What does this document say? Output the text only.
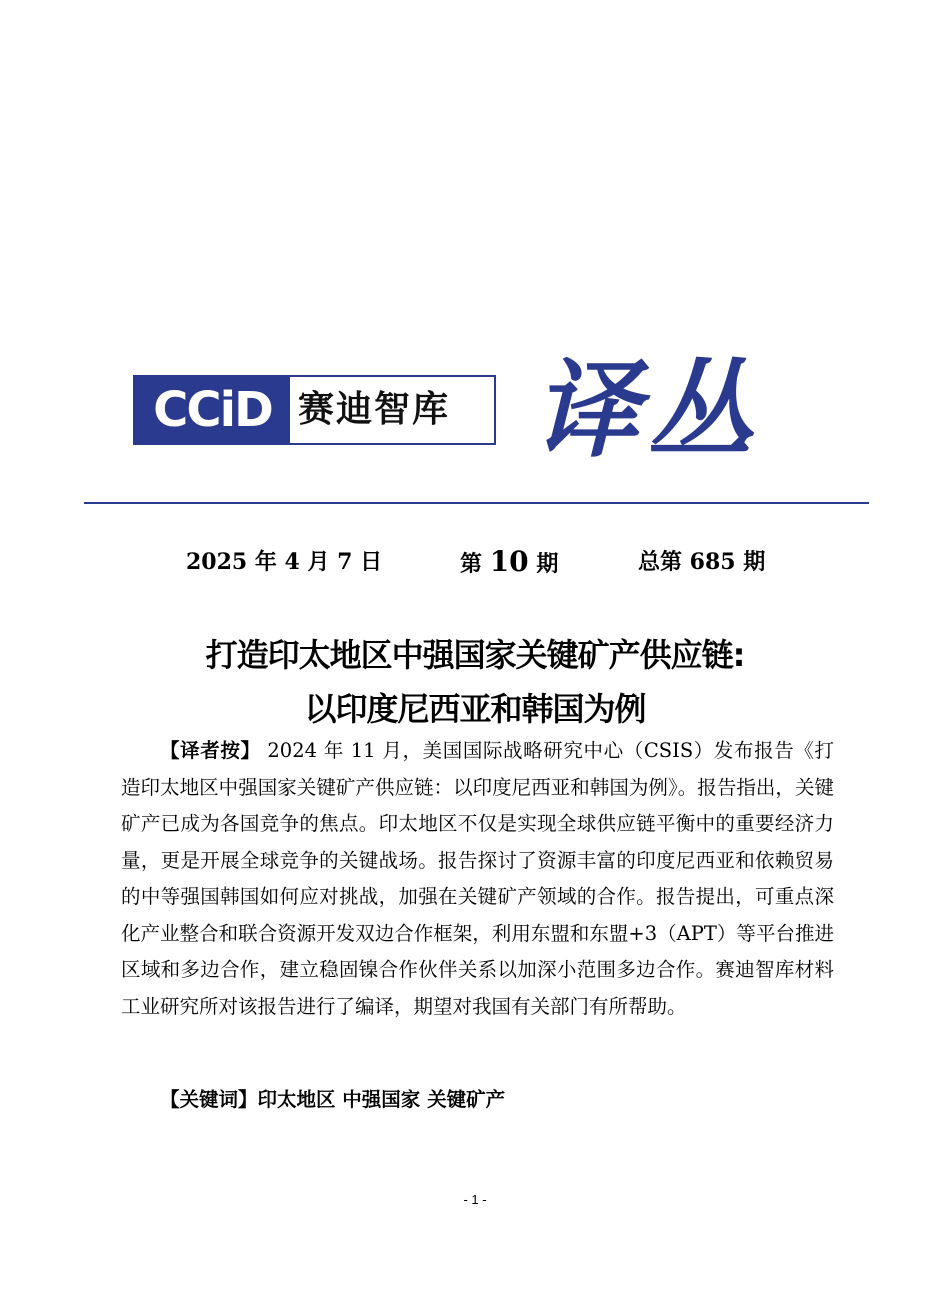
CCiD 赛迪智库 译丛
2025 年 4 月 7 日	第 10 期	总第 685 期
打造印太地区中强国家关键矿产供应链:
以印度尼西亚和韩国为例

【译者按】 2024 年 11 月，美国国际战略研究中心（CSIS）发布报告《打造印太地区中强国家关键矿产供应链：以印度尼西亚和韩国为例》。报告指出，关键矿产已成为各国竞争的焦点。印太地区不仅是实现全球供应链平衡中的重要经济力量，更是开展全球竞争的关键战场。报告探讨了资源丰富的印度尼西亚和依赖贸易的中等强国韩国如何应对挑战，加强在关键矿产领域的合作。报告提出，可重点深化产业整合和联合资源开发双边合作框架，利用东盟和东盟+3（APT）等平台推进区域和多边合作，建立稳固镍合作伙伴关系以加深小范围多边合作。赛迪智库材料工业研究所对该报告进行了编译，期望对我国有关部门有所帮助。

【关键词】印太地区 中强国家 关键矿产

- 1 -
